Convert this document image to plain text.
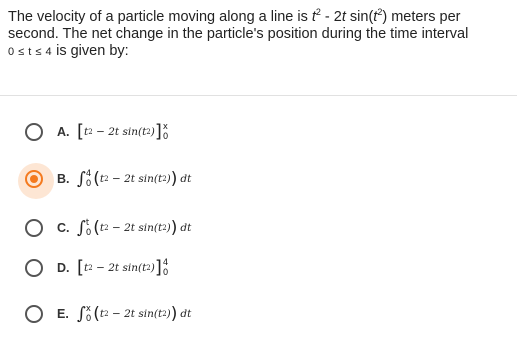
The velocity of a particle moving along a line is $t^2 - 2t$ $\sin(t^2)$ meters per
second. The net change in the particle's position during the time interval
0 ≤ t ≤ 4 is given by:
A. [ t 2 − 2t sin( t 2 ) ] x
0
B. ∫ 4
0 ( t 2 − 2t sin( t 2 ) ) dt
C. ∫ t
0 ( t 2 − 2t sin( t 2 ) ) dt
D. [ t 2 − 2t sin( t 2 ) ] 4
0
E. ∫ x
0 ( t 2 − 2t sin( t 2 ) ) dt
